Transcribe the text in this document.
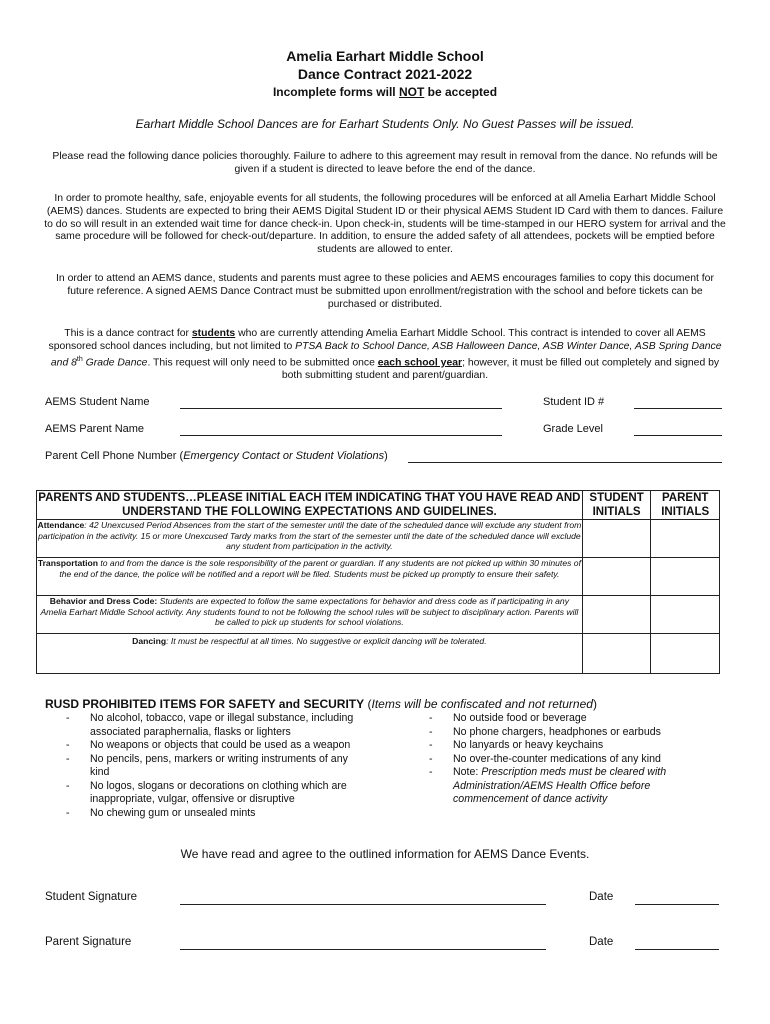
Amelia Earhart Middle School
Dance Contract 2021-2022
Incomplete forms will NOT be accepted
Earhart Middle School Dances are for Earhart Students Only. No Guest Passes will be issued.
Please read the following dance policies thoroughly. Failure to adhere to this agreement may result in removal from the dance. No refunds will be given if a student is directed to leave before the end of the dance.
In order to promote healthy, safe, enjoyable events for all students, the following procedures will be enforced at all Amelia Earhart Middle School (AEMS) dances. Students are expected to bring their AEMS Digital Student ID or their physical AEMS Student ID Card with them to dances. Failure to do so will result in an extended wait time for dance check-in. Upon check-in, students will be time-stamped in our HERO system for arrival and the same procedure will be followed for check-out/departure. In addition, to ensure the added safety of all attendees, pockets will be emptied before students are allowed to enter.
In order to attend an AEMS dance, students and parents must agree to these policies and AEMS encourages families to copy this document for future reference. A signed AEMS Dance Contract must be submitted upon enrollment/registration with the school and before tickets can be purchased or distributed.
This is a dance contract for students who are currently attending Amelia Earhart Middle School. This contract is intended to cover all AEMS sponsored school dances including, but not limited to PTSA Back to School Dance, ASB Halloween Dance, ASB Winter Dance, ASB Spring Dance and 8th Grade Dance. This request will only need to be submitted once each school year; however, it must be filled out completely and signed by both submitting student and parent/guardian.
AEMS Student Name	Student ID #
AEMS Parent Name	Grade Level
Parent Cell Phone Number (Emergency Contact or Student Violations)
PARENTS AND STUDENTS…PLEASE INITIAL EACH ITEM INDICATING THAT YOU HAVE READ AND UNDERSTAND THE FOLLOWING EXPECTATIONS AND GUIDELINES.	STUDENT INITIALS	PARENT INITIALS
Attendance: 42 Unexcused Period Absences from the start of the semester until the date of the scheduled dance will exclude any student from participation in the activity. 15 or more Unexcused Tardy marks from the start of the semester until the date of the scheduled dance will exclude any student from participation in the activity.		
Transportation to and from the dance is the sole responsibility of the parent or guardian. If any students are not picked up within 30 minutes of the end of the dance, the police will be notified and a report will be filed. Students must be picked up promptly to ensure their safety.		
Behavior and Dress Code: Students are expected to follow the same expectations for behavior and dress code as if participating in any Amelia Earhart Middle School activity. Any students found to not be following the school rules will be subject to disciplinary action. Parents will be called to pick up students for school violations.		
Dancing: It must be respectful at all times. No suggestive or explicit dancing will be tolerated.		
RUSD PROHIBITED ITEMS FOR SAFETY and SECURITY (Items will be confiscated and not returned)
- No alcohol, tobacco, vape or illegal substance, including associated paraphernalia, flasks or lighters
- No weapons or objects that could be used as a weapon
- No pencils, pens, markers or writing instruments of any kind
- No logos, slogans or decorations on clothing which are inappropriate, vulgar, offensive or disruptive
- No chewing gum or unsealed mints
- No outside food or beverage
- No phone chargers, headphones or earbuds
- No lanyards or heavy keychains
- No over-the-counter medications of any kind
- Note: Prescription meds must be cleared with Administration/AEMS Health Office before commencement of dance activity
We have read and agree to the outlined information for AEMS Dance Events.
Student Signature	Date
Parent Signature	Date
